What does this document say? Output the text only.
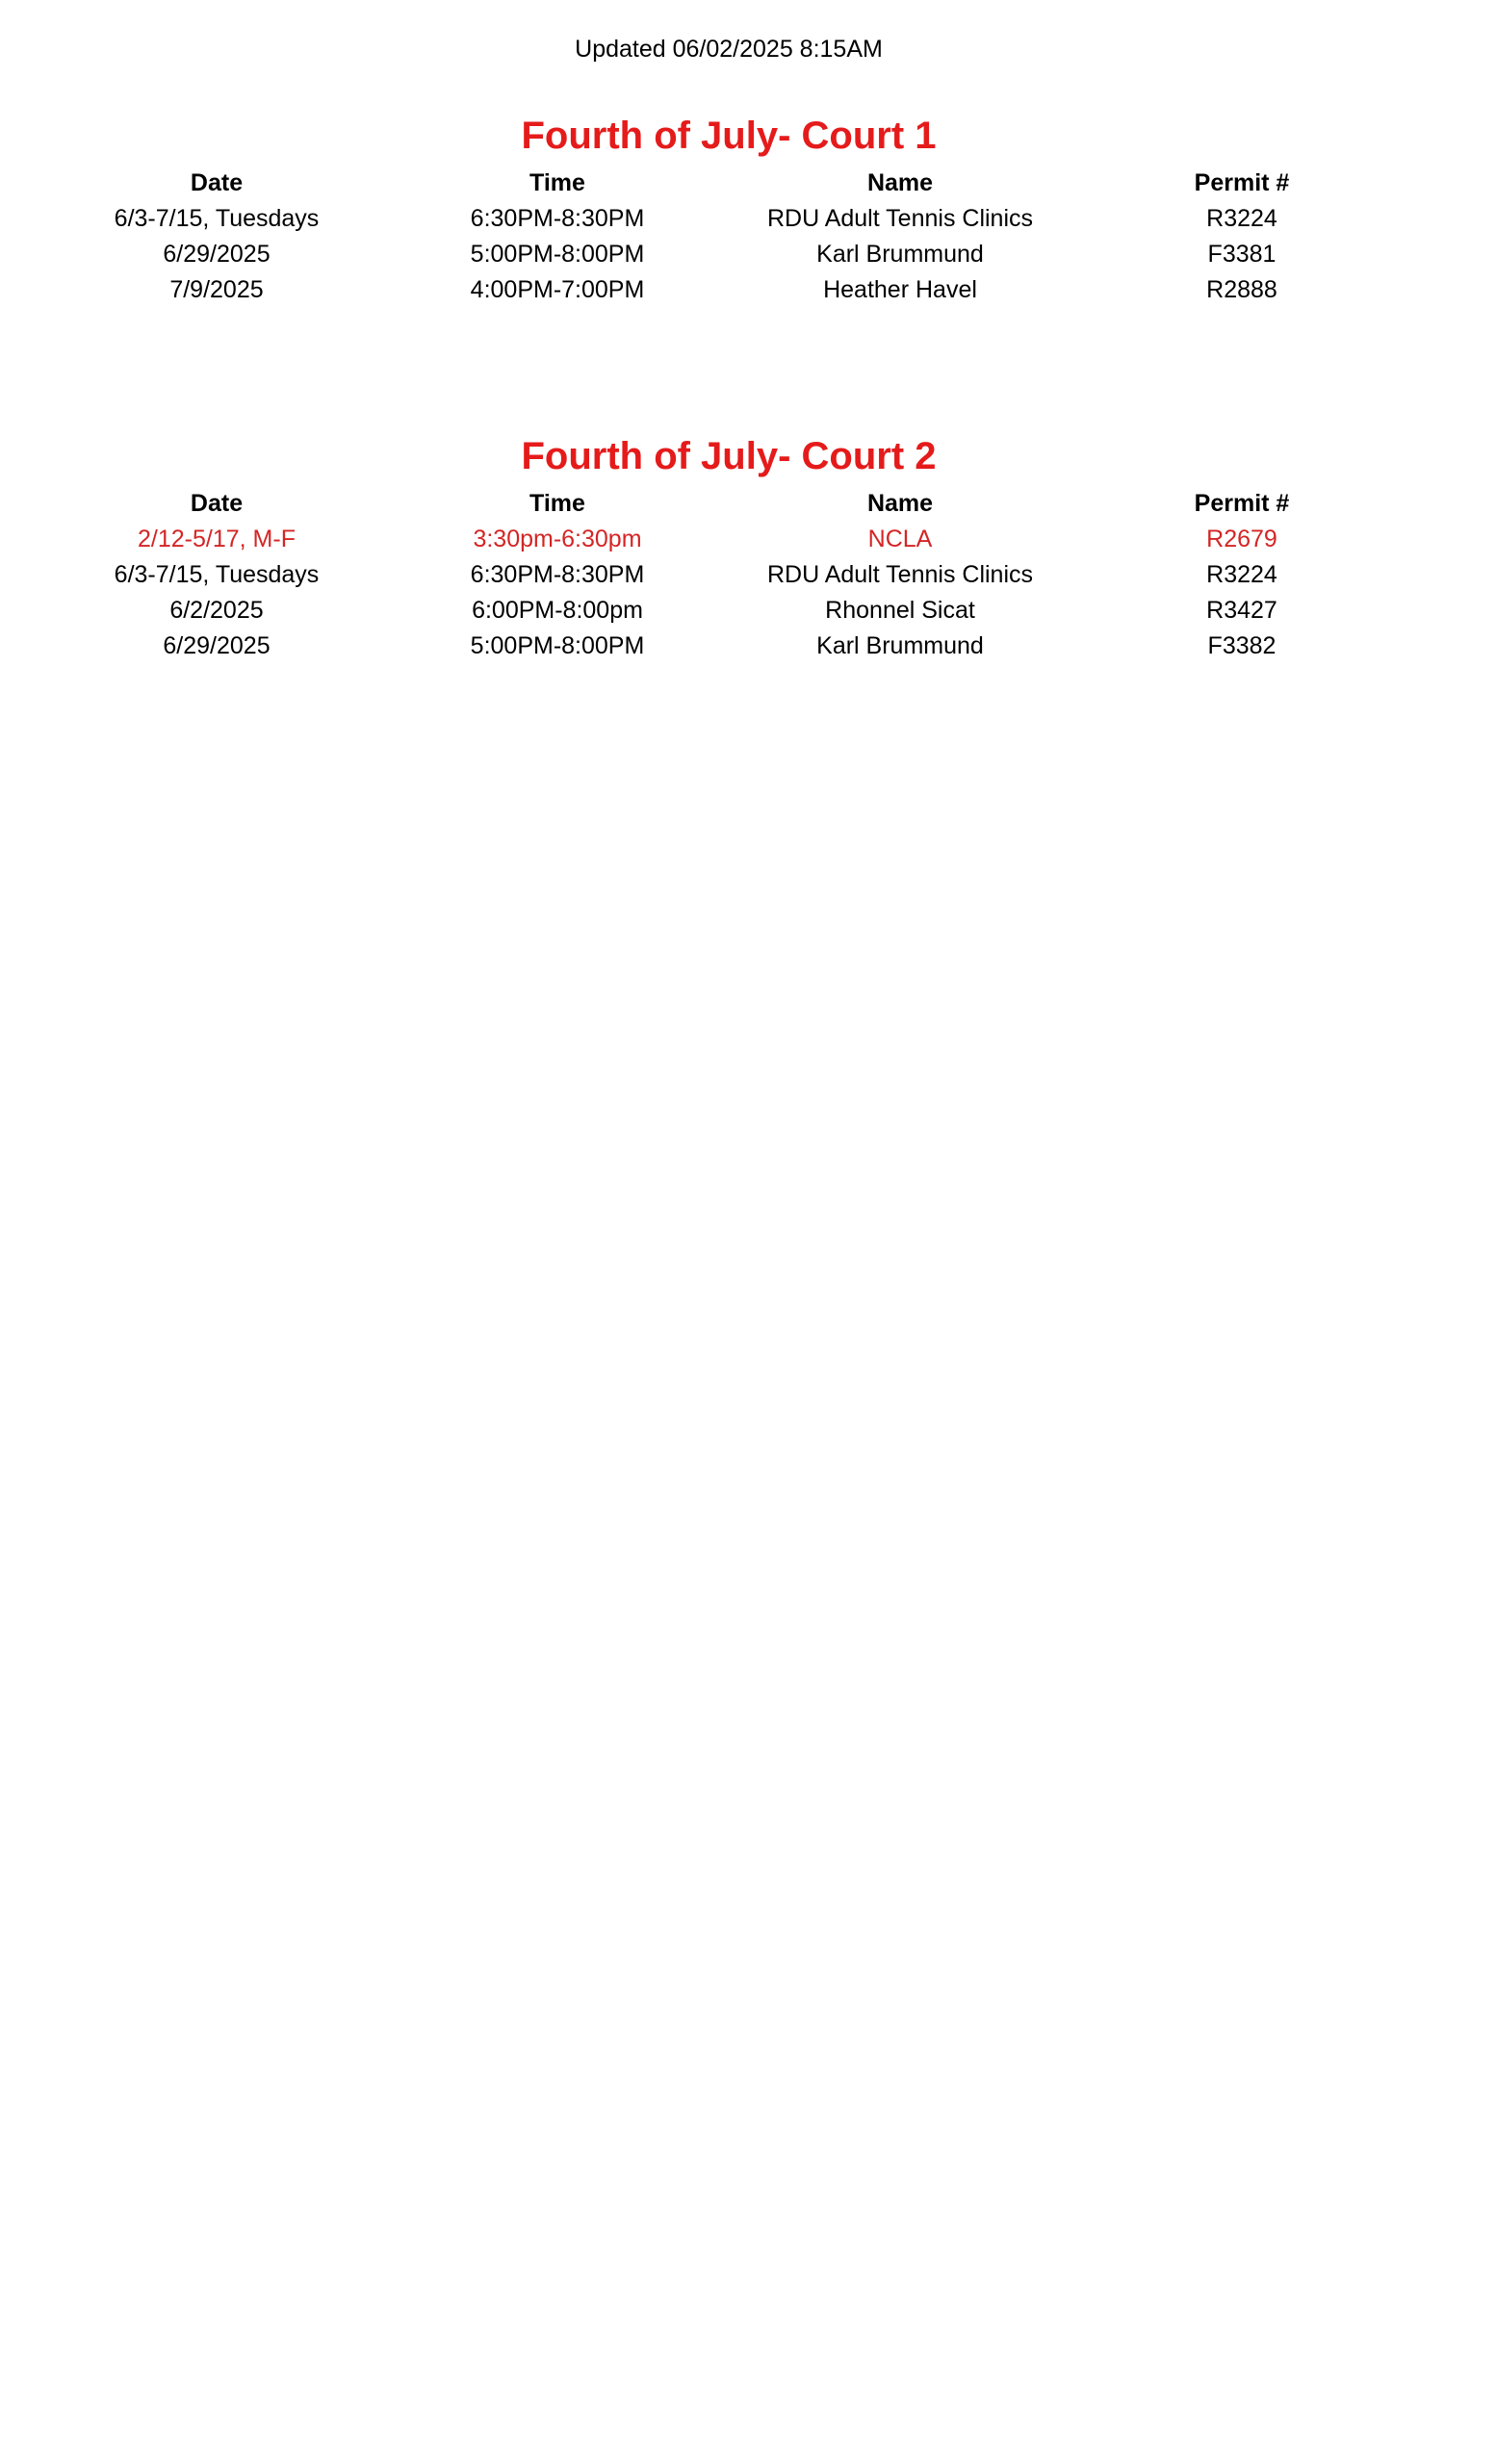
Updated 06/02/2025 8:15AM
Fourth of July- Court 1
Date	Time	Name	Permit #
6/3-7/15, Tuesdays	6:30PM-8:30PM	RDU Adult Tennis Clinics	R3224
6/29/2025	5:00PM-8:00PM	Karl Brummund	F3381
7/9/2025	4:00PM-7:00PM	Heather Havel	R2888
Fourth of July- Court 2
Date	Time	Name	Permit #
2/12-5/17, M-F	3:30pm-6:30pm	NCLA	R2679
6/3-7/15, Tuesdays	6:30PM-8:30PM	RDU Adult Tennis Clinics	R3224
6/2/2025	6:00PM-8:00pm	Rhonnel Sicat	R3427
6/29/2025	5:00PM-8:00PM	Karl Brummund	F3382
